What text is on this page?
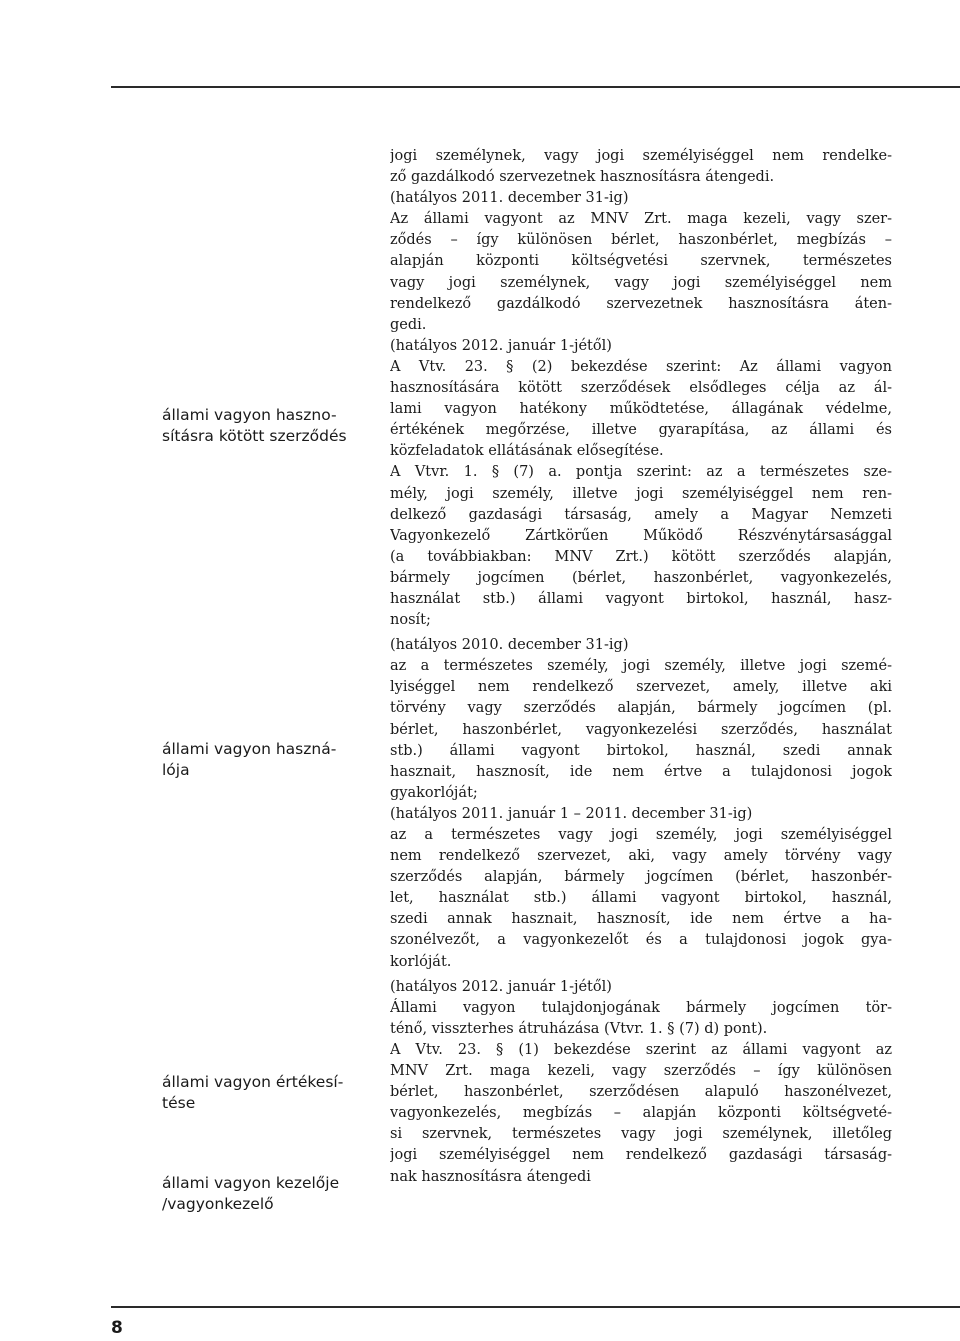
állami vagyon haszno-
sításra kötött szerződés
állami vagyon haszná-
lója
állami vagyon értékesí-
tése
állami vagyon kezelője
/vagyonkezelő
jogi személynek, vagy jogi személyiséggel nem rendelke-
ző gazdálkodó szervezetnek hasznosításra átengedi.
(hatályos 2011. december 31-ig)
Az állami vagyont az MNV Zrt. maga kezeli, vagy szer-
ződés – így különösen bérlet, haszonbérlet, megbízás –
alapján központi költségvetési szervnek, természetes
vagy jogi személynek, vagy jogi személyiséggel nem
rendelkező gazdálkodó szervezetnek hasznosításra áten-
gedi.
(hatályos 2012. január 1-jétől)
A Vtv. 23. § (2) bekezdése szerint: Az állami vagyon
hasznosítására kötött szerződések elsődleges célja az ál-
lami vagyon hatékony működtetése, állagának védelme,
értékének megőrzése, illetve gyarapítása, az állami és
közfeladatok ellátásának elősegítése.
A Vtvr. 1. § (7) a. pontja szerint: az a természetes sze-
mély, jogi személy, illetve jogi személyiséggel nem ren-
delkező gazdasági társaság, amely a Magyar Nemzeti
Vagyonkezelő Zártkörűen Működő Részvénytársasággal
(a továbbiakban: MNV Zrt.) kötött szerződés alapján,
bármely jogcímen (bérlet, haszonbérlet, vagyonkezelés,
használat stb.) állami vagyont birtokol, használ, hasz-
nosít;
(hatályos 2010. december 31-ig)
az a természetes személy, jogi személy, illetve jogi szemé-
lyiséggel nem rendelkező szervezet, amely, illetve aki
törvény vagy szerződés alapján, bármely jogcímen (pl.
bérlet, haszonbérlet, vagyonkezelési szerződés, használat
stb.) állami vagyont birtokol, használ, szedi annak
hasznait, hasznosít, ide nem értve a tulajdonosi jogok
gyakorlóját;
(hatályos 2011. január 1 – 2011. december 31-ig)
az a természetes vagy jogi személy, jogi személyiséggel
nem rendelkező szervezet, aki, vagy amely törvény vagy
szerződés alapján, bármely jogcímen (bérlet, haszonbér-
let, használat stb.) állami vagyont birtokol, használ,
szedi annak hasznait, hasznosít, ide nem értve a ha-
szonélvezőt, a vagyonkezelőt és a tulajdonosi jogok gya-
korlóját.
(hatályos 2012. január 1-jétől)
Állami vagyon tulajdonjogának bármely jogcímen tör-
ténő, visszterhes átruházása (Vtvr. 1. § (7) d) pont).
A Vtv. 23. § (1) bekezdése szerint az állami vagyont az
MNV Zrt. maga kezeli, vagy szerződés – így különösen
bérlet, haszonbérlet, szerződésen alapuló haszonélvezet,
vagyonkezelés, megbízás – alapján központi költségveté-
si szervnek, természetes vagy jogi személynek, illetőleg
jogi személyiséggel nem rendelkező gazdasági társaság-
nak hasznosításra átengedi
8
